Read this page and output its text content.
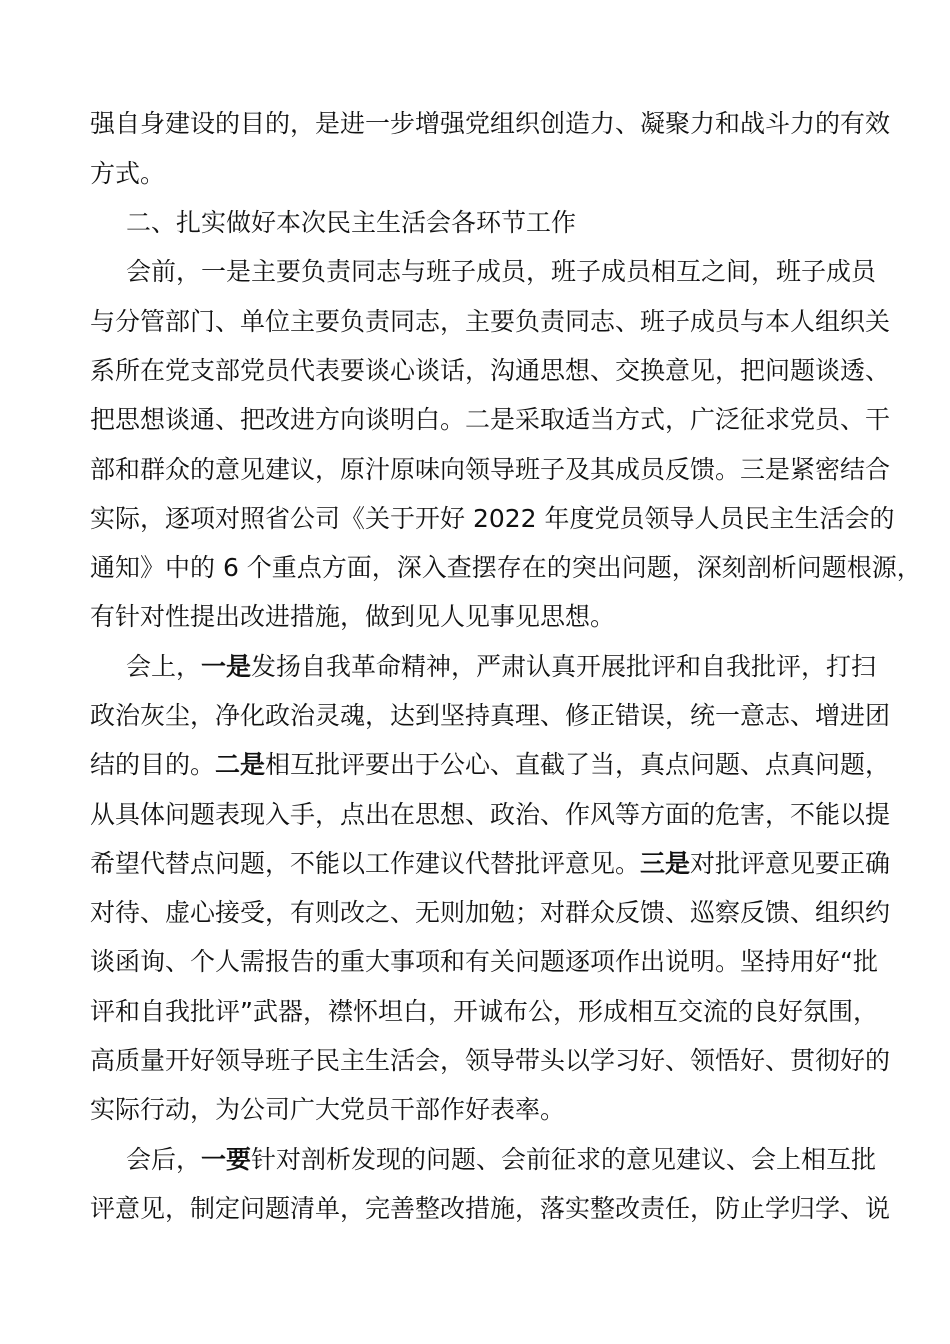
强自身建设的目的，是进一步增强党组织创造力、凝聚力和战斗力的有效
方式。
二、扎实做好本次民主生活会各环节工作
会前，一是主要负责同志与班子成员，班子成员相互之间，班子成员
与分管部门、单位主要负责同志，主要负责同志、班子成员与本人组织关
系所在党支部党员代表要谈心谈话，沟通思想、交换意见，把问题谈透、
把思想谈通、把改进方向谈明白。二是采取适当方式，广泛征求党员、干
部和群众的意见建议，原汁原味向领导班子及其成员反馈。三是紧密结合
实际，逐项对照省公司《关于开好 2022 年度党员领导人员民主生活会的
通知》中的 6 个重点方面，深入查摆存在的突出问题，深刻剖析问题根源，
有针对性提出改进措施，做到见人见事见思想。
会上，一是发扬自我革命精神，严肃认真开展批评和自我批评，打扫
政治灰尘，净化政治灵魂，达到坚持真理、修正错误，统一意志、增进团
结的目的。二是相互批评要出于公心、直截了当，真点问题、点真问题，
从具体问题表现入手，点出在思想、政治、作风等方面的危害，不能以提
希望代替点问题，不能以工作建议代替批评意见。三是对批评意见要正确
对待、虚心接受，有则改之、无则加勉；对群众反馈、巡察反馈、组织约
谈函询、个人需报告的重大事项和有关问题逐项作出说明。坚持用好“批
评和自我批评”武器，襟怀坦白，开诚布公，形成相互交流的良好氛围，
高质量开好领导班子民主生活会，领导带头以学习好、领悟好、贯彻好的
实际行动，为公司广大党员干部作好表率。
会后，一要针对剖析发现的问题、会前征求的意见建议、会上相互批
评意见，制定问题清单，完善整改措施，落实整改责任，防止学归学、说
